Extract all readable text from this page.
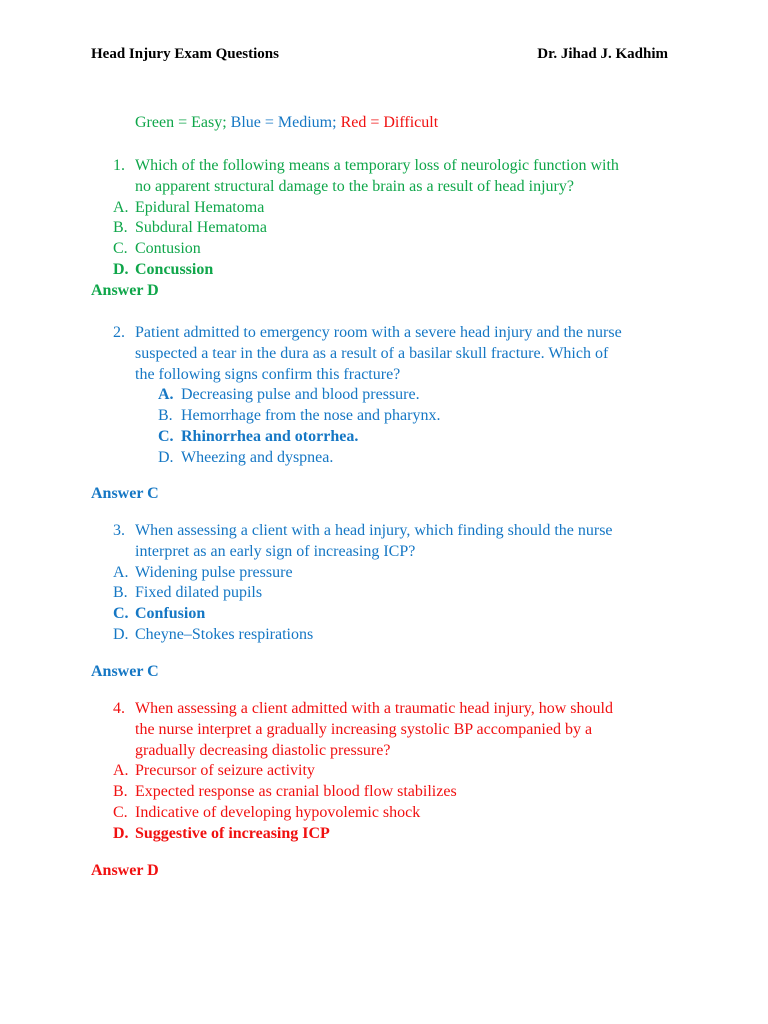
Head Injury Exam Questions	Dr. Jihad J. Kadhim
Green = Easy; Blue = Medium; Red = Difficult
1. Which of the following means a temporary loss of neurologic function with
no apparent structural damage to the brain as a result of head injury?
A. Epidural Hematoma
B. Subdural Hematoma
C. Contusion
D. Concussion
Answer D
2. Patient admitted to emergency room with a severe head injury and the nurse
suspected a tear in the dura as a result of a basilar skull fracture. Which of
the following signs confirm this fracture?
A. Decreasing pulse and blood pressure.
B. Hemorrhage from the nose and pharynx.
C. Rhinorrhea and otorrhea.
D. Wheezing and dyspnea.
Answer C
3. When assessing a client with a head injury, which finding should the nurse
interpret as an early sign of increasing ICP?
A. Widening pulse pressure
B. Fixed dilated pupils
C. Confusion
D. Cheyne–Stokes respirations
Answer C
4. When assessing a client admitted with a traumatic head injury, how should
the nurse interpret a gradually increasing systolic BP accompanied by a
gradually decreasing diastolic pressure?
A. Precursor of seizure activity
B. Expected response as cranial blood flow stabilizes
C. Indicative of developing hypovolemic shock
D. Suggestive of increasing ICP
Answer D
